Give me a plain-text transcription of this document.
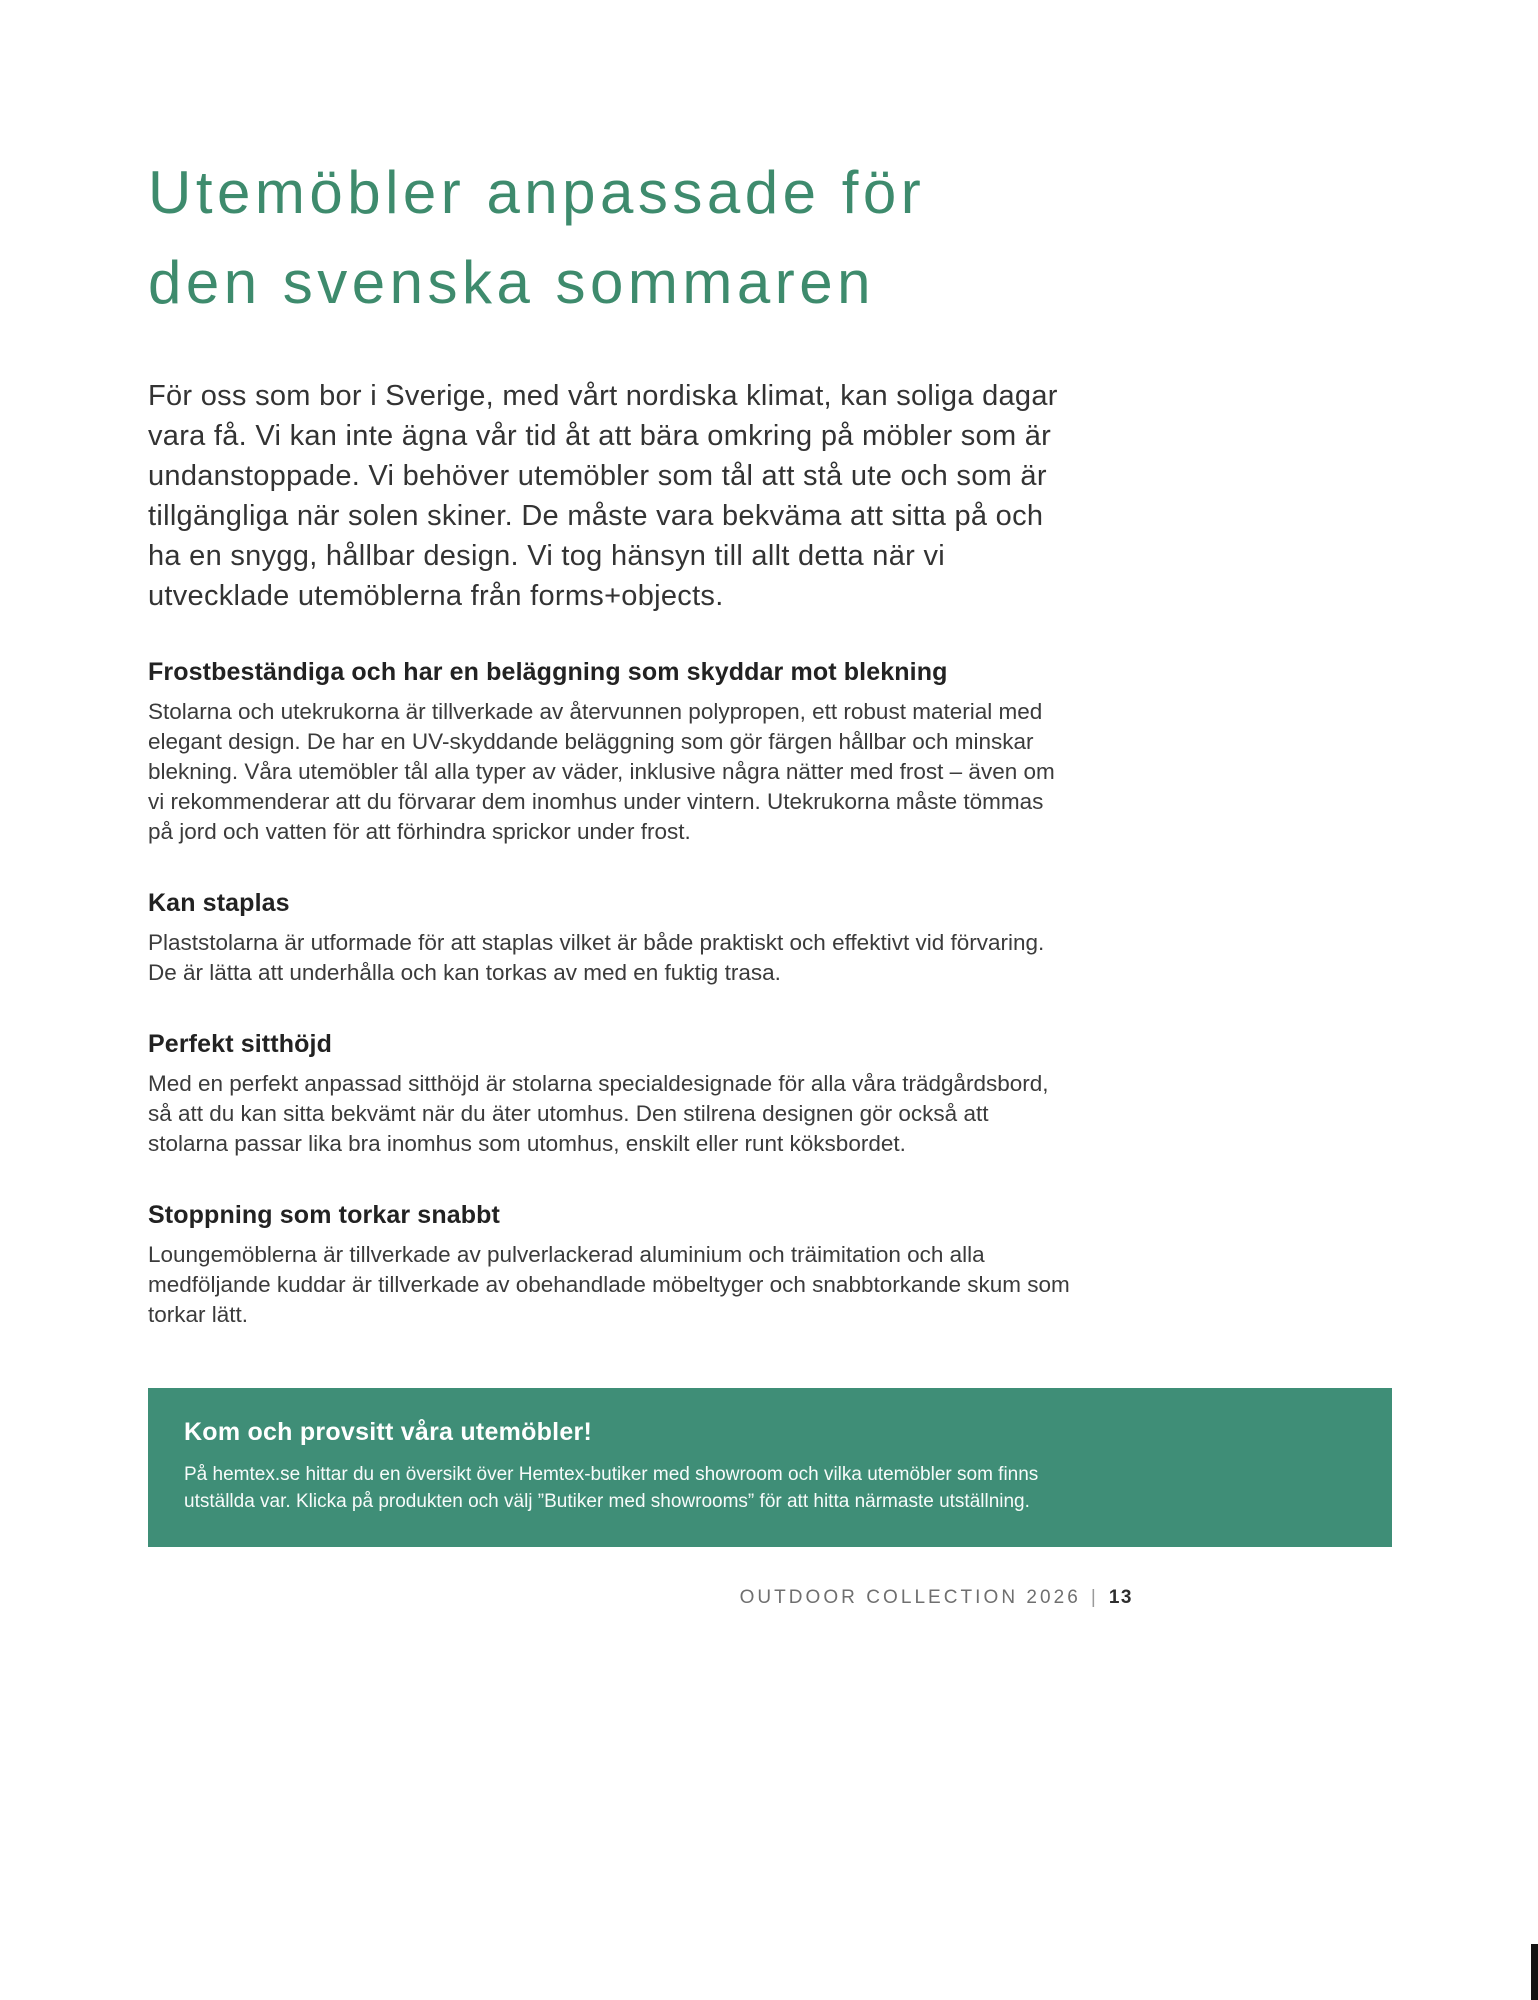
Utemöbler anpassade för
den svenska sommaren

För oss som bor i Sverige, med vårt nordiska klimat, kan soliga dagar vara få. Vi kan inte ägna vår tid åt att bära omkring på möbler som är undanstoppade. Vi behöver utemöbler som tål att stå ute och som är tillgängliga när solen skiner. De måste vara bekväma att sitta på och ha en snygg, hållbar design. Vi tog hänsyn till allt detta när vi utvecklade utemöblerna från forms+objects.

Frostbeständiga och har en beläggning som skyddar mot blekning

Stolarna och utekrukorna är tillverkade av återvunnen polypropen, ett robust material med elegant design. De har en UV-skyddande beläggning som gör färgen hållbar och minskar blekning. Våra utemöbler tål alla typer av väder, inklusive några nätter med frost – även om vi rekommenderar att du förvarar dem inomhus under vintern. Utekrukorna måste tömmas på jord och vatten för att förhindra sprickor under frost.

Kan staplas

Plaststolarna är utformade för att staplas vilket är både praktiskt och effektivt vid förvaring. De är lätta att underhålla och kan torkas av med en fuktig trasa.

Perfekt sitthöjd

Med en perfekt anpassad sitthöjd är stolarna specialdesignade för alla våra trädgårdsbord, så att du kan sitta bekvämt när du äter utomhus. Den stilrena designen gör också att stolarna passar lika bra inomhus som utomhus, enskilt eller runt köksbordet.

Stoppning som torkar snabbt

Loungemöblerna är tillverkade av pulverlackerad aluminium och träimitation och alla medföljande kuddar är tillverkade av obehandlade möbeltyger och snabbtorkande skum som torkar lätt.

Kom och provsitt våra utemöbler!

På hemtex.se hittar du en översikt över Hemtex-butiker med showroom och vilka utemöbler som finns utställda var. Klicka på produkten och välj ”Butiker med showrooms” för att hitta närmaste utställning.

OUTDOOR COLLECTION 2026 | 13
